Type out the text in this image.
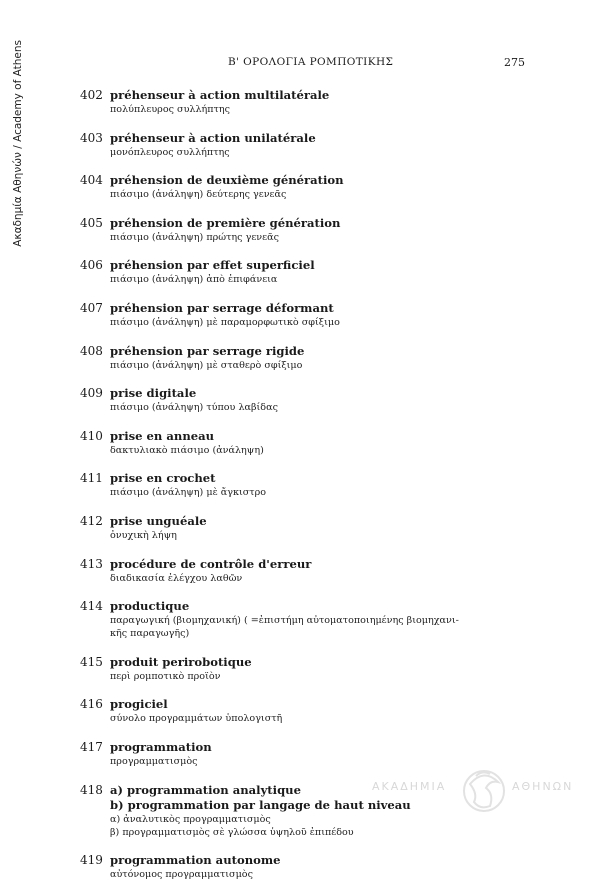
Ακαδημία Αθηνών / Academy of Athens	Β' ΟΡΟΛΟΓΙΑ ΡΟΜΠΟΤΙΚΗΣ	275
402 préhenseur à action multilatérale
πολύπλευρος συλλήπτης
403 préhenseur à action unilatérale
μονόπλευρος συλλήπτης
404 préhension de deuxième génération
πιάσιμο (ἀνάληψη) δεύτερης γενεᾶς
405 préhension de première génération
πιάσιμο (ἀνάληψη) πρώτης γενεᾶς
406 préhension par effet superficiel
πιάσιμο (ἀνάληψη) ἀπὸ ἐπιφάνεια
407 préhension par serrage déformant
πιάσιμο (ἀνάληψη) μὲ παραμορφωτικὸ σφίξιμο
408 préhension par serrage rigide
πιάσιμο (ἀνάληψη) μὲ σταθερὸ σφίξιμο
409 prise digitale
πιάσιμο (ἀνάληψη) τύπου λαβίδας
410 prise en anneau
δακτυλιακὸ πιάσιμο (ἀνάληψη)
411 prise en crochet
πιάσιμο (ἀνάληψη) μὲ ἄγκιστρο
412 prise unguéale
ὀνυχικὴ λήψη
413 procédure de contrôle d'erreur
διαδικασία ἐλέγχου λαθῶν
414 productique
παραγωγική (βιομηχανική) ( =ἐπιστήμη αὐτοματοποιημένης βιομηχανι-
κῆς παραγωγῆς)
415 produit perirobotique
περὶ ρομποτικὸ προϊὸν
416 progiciel
σύνολο προγραμμάτων ὑπολογιστῆ
417 programmation
προγραμματισμὸς
418 a) programmation analytique
b) programmation par langage de haut niveau
α) ἀναλυτικὸς προγραμματισμὸς
β) προγραμματισμὸς σὲ γλώσσα ὑψηλοῦ ἐπιπέδου
419 programmation autonome
αὐτόνομος προγραμματισμὸς
ΑΚΑΔΗΜΙΑ	ΑΘΗΝΩΝ
